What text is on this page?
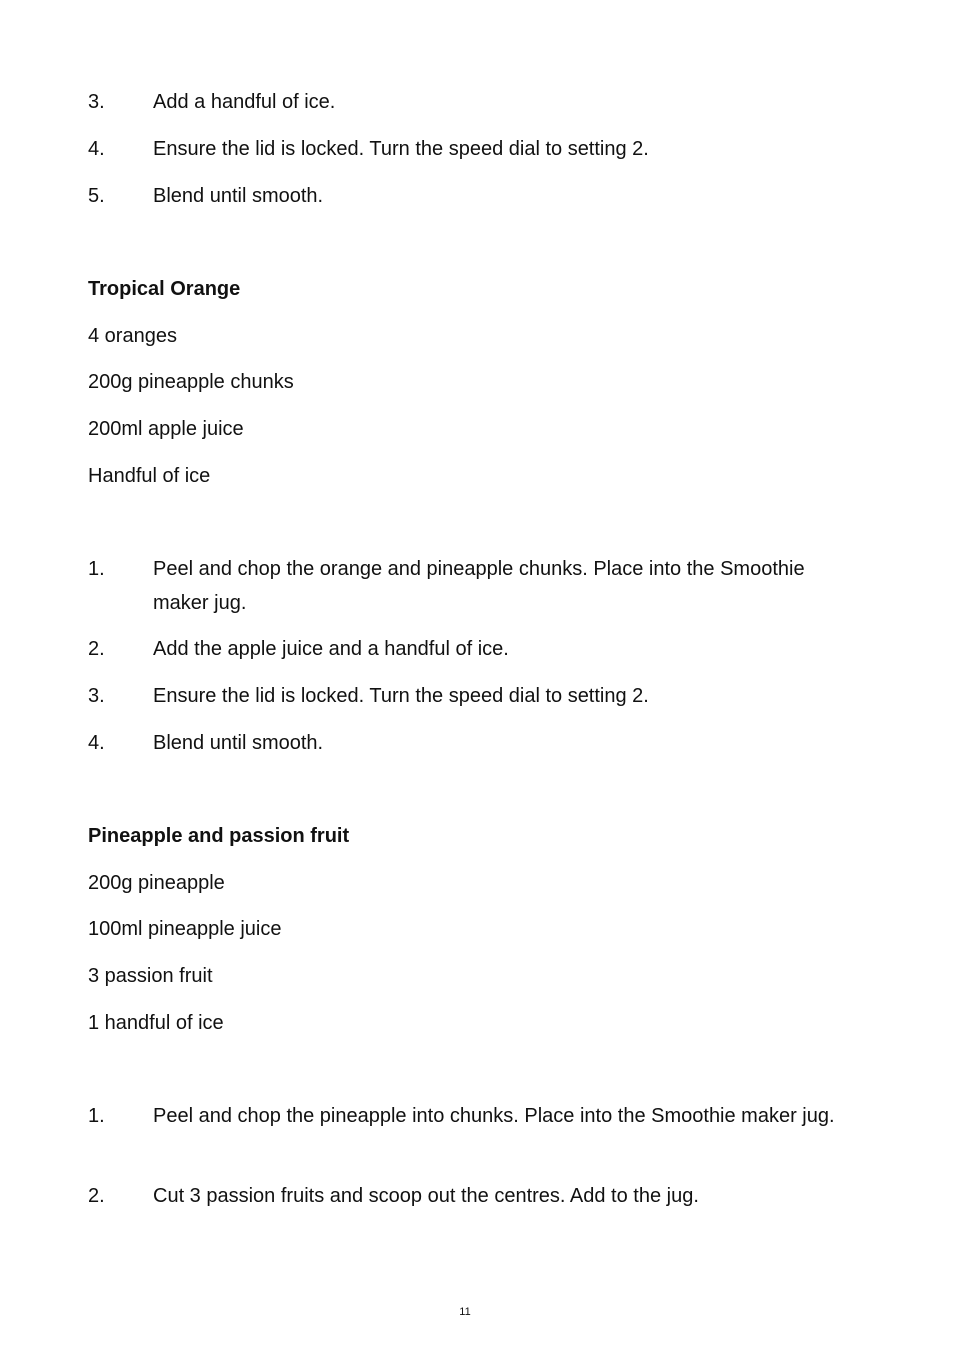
3. Add a handful of ice.
4. Ensure the lid is locked. Turn the speed dial to setting 2.
5. Blend until smooth.
Tropical Orange
4 oranges
200g pineapple chunks
200ml apple juice
Handful of ice
1. Peel and chop the orange and pineapple chunks. Place into the Smoothie maker jug.
2. Add the apple juice and a handful of ice.
3. Ensure the lid is locked. Turn the speed dial to setting 2.
4. Blend until smooth.
Pineapple and passion fruit
200g pineapple
100ml pineapple juice
3 passion fruit
1 handful of ice
1. Peel and chop the pineapple into chunks. Place into the Smoothie maker jug.
2. Cut 3 passion fruits and scoop out the centres. Add to the jug.
11
